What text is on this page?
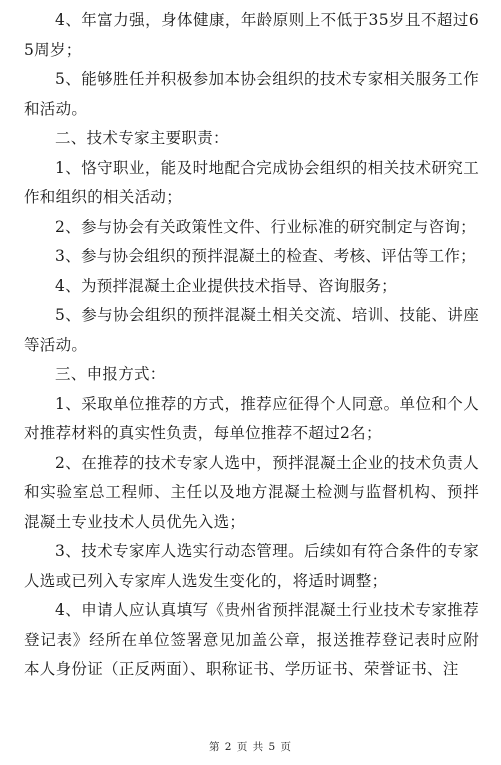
4、年富力强，身体健康，年龄原则上不低于35岁且不超过65周岁；

5、能够胜任并积极参加本协会组织的技术专家相关服务工作和活动。

二、技术专家主要职责：

1、恪守职业，能及时地配合完成协会组织的相关技术研究工作和组织的相关活动；

2、参与协会有关政策性文件、行业标准的研究制定与咨询；

3、参与协会组织的预拌混凝土的检查、考核、评估等工作；

4、为预拌混凝土企业提供技术指导、咨询服务；

5、参与协会组织的预拌混凝土相关交流、培训、技能、讲座等活动。

三、申报方式：

1、采取单位推荐的方式，推荐应征得个人同意。单位和个人对推荐材料的真实性负责，每单位推荐不超过2名；

2、在推荐的技术专家人选中，预拌混凝土企业的技术负责人和实验室总工程师、主任以及地方混凝土检测与监督机构、预拌混凝土专业技术人员优先入选；

3、技术专家库人选实行动态管理。后续如有符合条件的专家人选或已列入专家库人选发生变化的，将适时调整；

4、申请人应认真填写《贵州省预拌混凝土行业技术专家推荐登记表》经所在单位签署意见加盖公章，报送推荐登记表时应附本人身份证（正反两面）、职称证书、学历证书、荣誉证书、注

第 2 页 共 5 页
